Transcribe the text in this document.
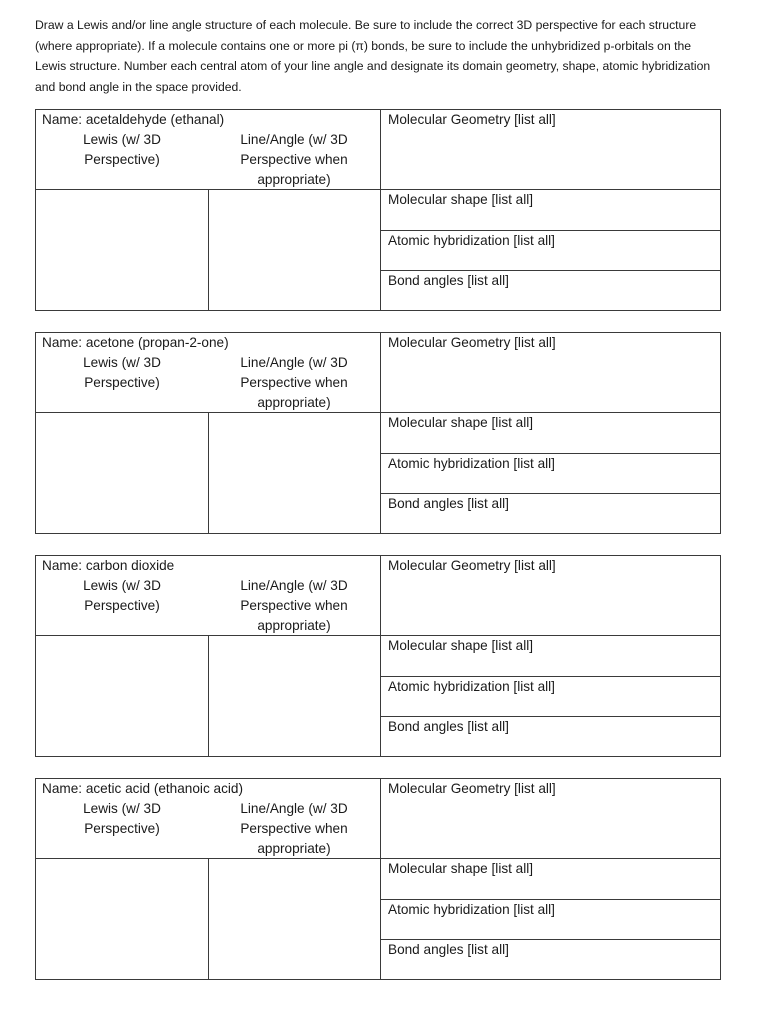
Draw a Lewis and/or line angle structure of each molecule. Be sure to include the correct 3D perspective for each structure (where appropriate). If a molecule contains one or more pi (π) bonds, be sure to include the unhybridized p-orbitals on the Lewis structure. Number each central atom of your line angle and designate its domain geometry, shape, atomic hybridization and bond angle in the space provided.
Name: acetaldehyde (ethanal)
Lewis (w/ 3D
Perspective)
Line/Angle (w/ 3D
Perspective when
appropriate)
Molecular Geometry [list all]
Molecular shape [list all]
Atomic hybridization [list all]
Bond angles [list all]
Name: acetone (propan-2-one)
Lewis (w/ 3D
Perspective)
Line/Angle (w/ 3D
Perspective when
appropriate)
Molecular Geometry [list all]
Molecular shape [list all]
Atomic hybridization [list all]
Bond angles [list all]
Name: carbon dioxide
Lewis (w/ 3D
Perspective)
Line/Angle (w/ 3D
Perspective when
appropriate)
Molecular Geometry [list all]
Molecular shape [list all]
Atomic hybridization [list all]
Bond angles [list all]
Name: acetic acid (ethanoic acid)
Lewis (w/ 3D
Perspective)
Line/Angle (w/ 3D
Perspective when
appropriate)
Molecular Geometry [list all]
Molecular shape [list all]
Atomic hybridization [list all]
Bond angles [list all]
